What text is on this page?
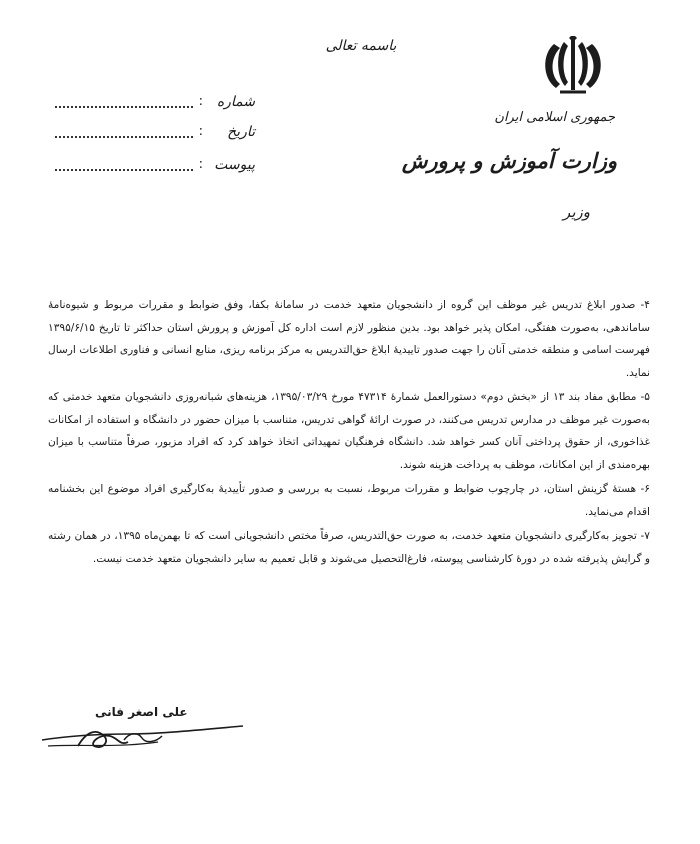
باسمه تعالی
جمهوری اسلامی ایران
وزارت آموزش و پرورش
وزیر
شماره
:
تاریخ
:
پیوست
:

۴- صدور ابلاغ تدریس غیر موظف این گروه از دانشجویان متعهد خدمت در سامانهٔ بکفا، وفق ضوابط و مقررات مربوط و شیوه‌نامهٔ ساماندهی، به‌صورت هفتگی، امکان پذیر خواهد بود. بدین منظور لازم است اداره کل آموزش و پرورش استان حداکثر تا تاریخ ۱۳۹۵/۶/۱۵ فهرست اسامی و منطقه خدمتی آنان را جهت صدور تاییدیهٔ ابلاغ حق‌التدریس به مرکز برنامه ریزی، منابع انسانی و فناوری اطلاعات ارسال نماید.

۵- مطابق مفاد بند ۱۳ از «بخش دوم» دستورالعمل شمارهٔ ۴۷۳۱۴ مورخ ۱۳۹۵/۰۳/۲۹، هزینه‌های شبانه‌روزی دانشجویان متعهد خدمتی که به‌صورت غیر موظف در مدارس تدریس می‌کنند، در صورت ارائهٔ گواهی تدریس، متناسب با میزان حضور در دانشگاه و استفاده از امکانات غذاخوری، از حقوق پرداختی آنان کسر خواهد شد. دانشگاه فرهنگیان تمهیداتی اتخاذ خواهد کرد که افراد مزبور، صرفاً متناسب با میزان بهره‌مندی از این امکانات، موظف به پرداخت هزینه شوند.

۶- هستهٔ گزینش استان، در چارچوب ضوابط و مقررات مربوط، نسبت به بررسی و صدور تأییدیهٔ به‌کارگیری افراد موضوع این بخشنامه اقدام می‌نماید.

۷- تجویز به‌کارگیری دانشجویان متعهد خدمت، به صورت حق‌التدریس، صرفاً مختص دانشجویانی است که تا بهمن‌ماه ۱۳۹۵، در همان رشته و گرایش پذیرفته شده در دورهٔ کارشناسی پیوسته، فارغ‌التحصیل می‌شوند و قابل تعمیم به سایر دانشجویان متعهد خدمت نیست.

علی اصغر فانی
